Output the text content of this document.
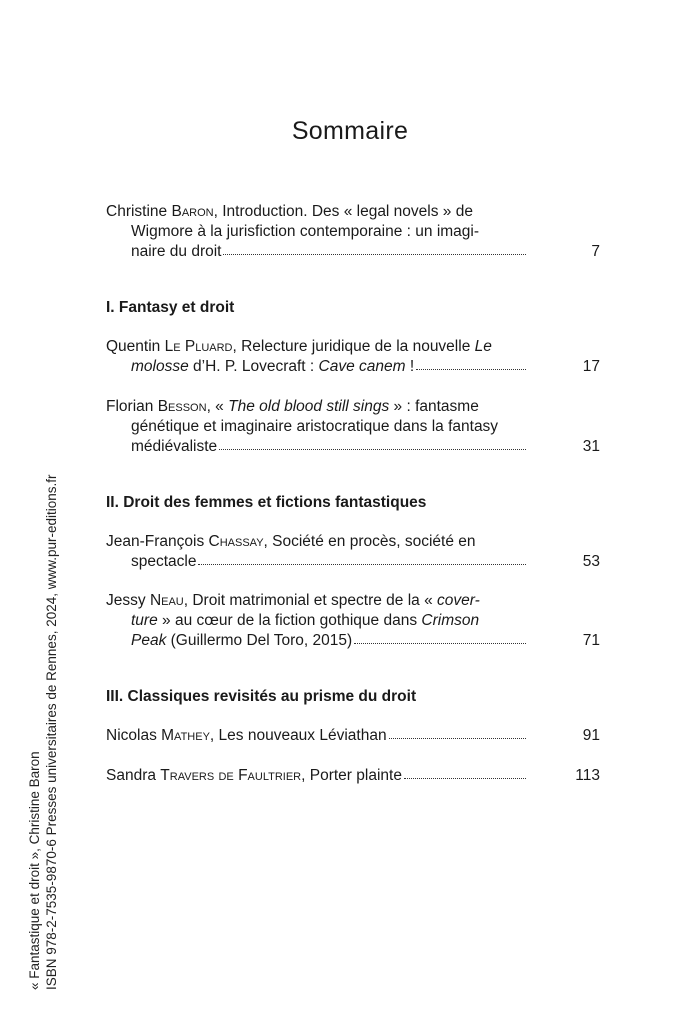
Sommaire
Christine Baron, Introduction. Des « legal novels » de
Wigmore à la jurisfiction contemporaine : un imagi-
naire du droit	7
I. Fantasy et droit
Quentin Le Pluard, Relecture juridique de la nouvelle Le
molosse d’H. P. Lovecraft : Cave canem !	17
Florian Besson, « The old blood still sings » : fantasme
génétique et imaginaire aristocratique dans la fantasy
médiévaliste	31
II. Droit des femmes et fictions fantastiques
Jean-François Chassay, Société en procès, société en
spectacle	53
Jessy Neau, Droit matrimonial et spectre de la « cover-
ture » au cœur de la fiction gothique dans Crimson
Peak (Guillermo Del Toro, 2015)	71
III. Classiques revisités au prisme du droit
Nicolas Mathey, Les nouveaux Léviathan	91
Sandra Travers de Faultrier, Porter plainte	113
« Fantastique et droit », Christine Baron ISBN 978-2-7535-9870-6 Presses universitaires de Rennes, 2024, www.pur-editions.fr
